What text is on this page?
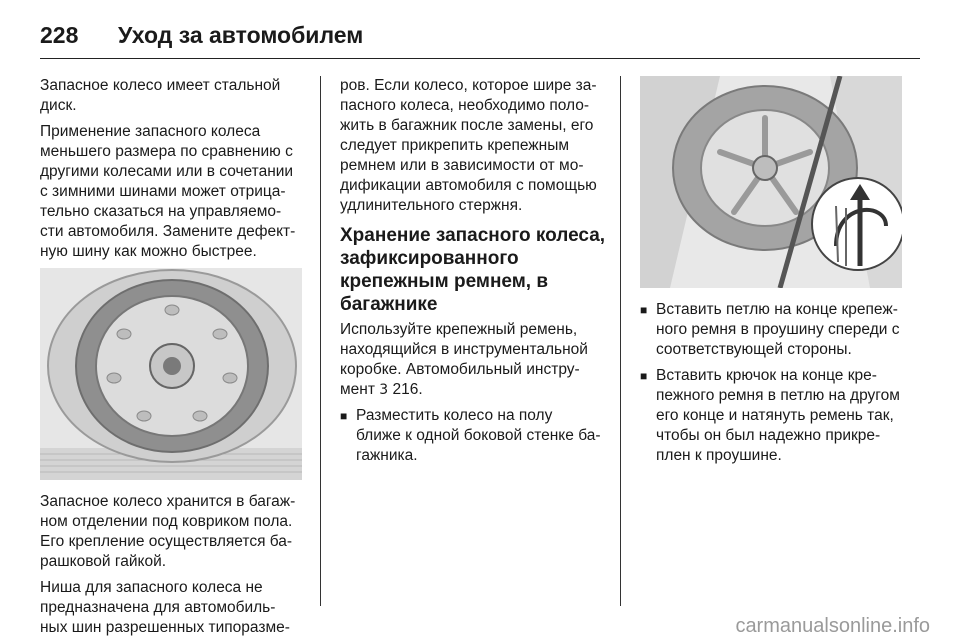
228 Уход за автомобилем

Запасное колесо имеет стальной
диск.

Применение запасного колеса
меньшего размера по сравнению с
другими колесами или в сочетании
с зимними шинами может отрица-
тельно сказаться на управляемо-
сти автомобиля. Замените дефект-
ную шину как можно быстрее.

Запасное колесо хранится в багаж-
ном отделении под ковриком пола.
Его крепление осуществляется ба-
рашковой гайкой.

Ниша для запасного колеса не
предназначена для автомобиль-
ных шин разрешенных типоразме-

ров. Если колесо, которое шире за-
пасного колеса, необходимо поло-
жить в багажник после замены, его
следует прикрепить крепежным
ремнем или в зависимости от мо-
дификации автомобиля с помощью
удлинительного стержня.

Хранение запасного колеса,
зафиксированного
крепежным ремнем, в
багажнике

Используйте крепежный ремень,
находящийся в инструментальной
коробке. Автомобильный инстру-
мент 3 216.

■ Разместить колесо на полу
ближе к одной боковой стенке ба-
гажника.
■ Вставить петлю на конце крепеж-
ного ремня в проушину спереди с
соответствующей стороны.
■ Вставить крючок на конце кре-
пежного ремня в петлю на другом
его конце и натянуть ремень так,
чтобы он был надежно прикре-
плен к проушине.
carmanualsonline.info
